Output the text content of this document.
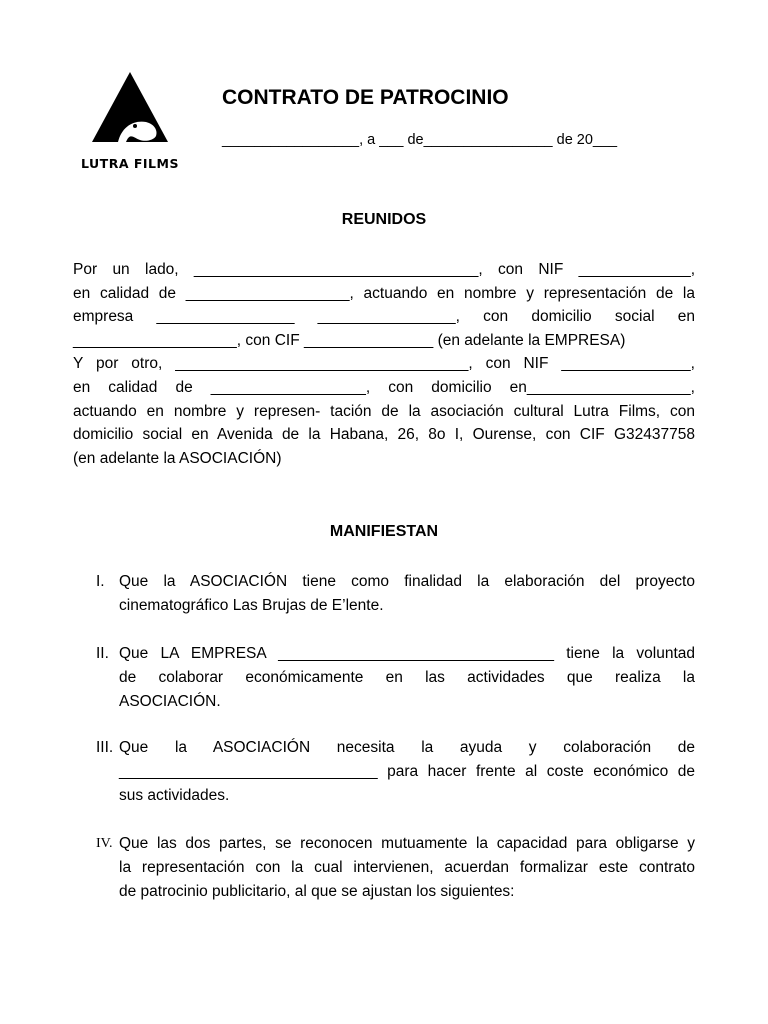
LUTRA FILMS
CONTRATO DE PATROCINIO
_________________, a ___ de________________ de 20___
REUNIDOS
Por un lado, _________________________________, con NIF _____________,
en calidad de ___________________, actuando en nombre y representación de la
empresa ________________ ________________, con domicilio social en
___________________, con CIF _______________ (en adelante la EMPRESA)
Y por otro, __________________________________, con NIF _______________,
en calidad de __________________, con domicilio en___________________,
actuando en nombre y represen- tación de la asociación cultural Lutra Films, con
domicilio social en Avenida de la Habana, 26, 8o I, Ourense, con CIF G32437758
(en adelante la ASOCIACIÓN)
MANIFIESTAN
I. Que la ASOCIACIÓN tiene como finalidad la elaboración del proyecto
cinematográfico Las Brujas de E’lente.
II. Que LA EMPRESA ________________________________ tiene la voluntad
de colaborar económicamente en las actividades que realiza la
ASOCIACIÓN.
III. Que la ASOCIACIÓN necesita la ayuda y colaboración de
______________________________ para hacer frente al coste económico de
sus actividades.
IV. Que las dos partes, se reconocen mutuamente la capacidad para obligarse y
la representación con la cual intervienen, acuerdan formalizar este contrato
de patrocinio publicitario, al que se ajustan los siguientes:
